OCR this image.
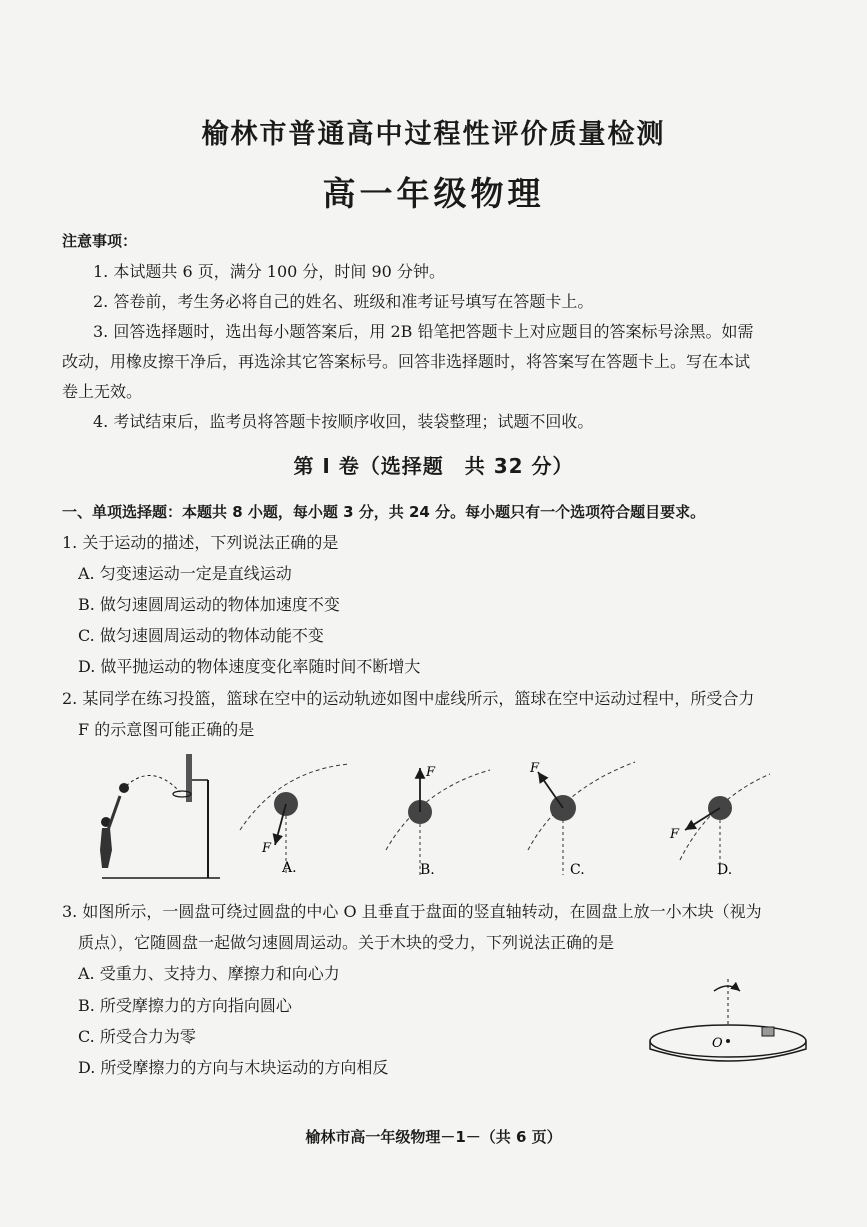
榆林市普通高中过程性评价质量检测
高一年级物理
注意事项：
1. 本试题共 6 页，满分 100 分，时间 90 分钟。
2. 答卷前，考生务必将自己的姓名、班级和准考证号填写在答题卡上。
3. 回答选择题时，选出每小题答案后，用 2B 铅笔把答题卡上对应题目的答案标号涂黑。如需
改动，用橡皮擦干净后，再选涂其它答案标号。回答非选择题时，将答案写在答题卡上。写在本试
卷上无效。
4. 考试结束后，监考员将答题卡按顺序收回，装袋整理；试题不回收。
第 Ⅰ 卷（选择题　共 32 分）
一、单项选择题：本题共 8 小题，每小题 3 分，共 24 分。每小题只有一个选项符合题目要求。
1. 关于运动的描述，下列说法正确的是
A. 匀变速运动一定是直线运动
B. 做匀速圆周运动的物体加速度不变
C. 做匀速圆周运动的物体动能不变
D. 做平抛运动的物体速度变化率随时间不断增大
2. 某同学在练习投篮，篮球在空中的运动轨迹如图中虚线所示，篮球在空中运动过程中，所受合力
F 的示意图可能正确的是
F
A.
F
B.
F
C.
F
D.
3. 如图所示，一圆盘可绕过圆盘的中心 O 且垂直于盘面的竖直轴转动，在圆盘上放一小木块（视为
质点），它随圆盘一起做匀速圆周运动。关于木块的受力，下列说法正确的是
A. 受重力、支持力、摩擦力和向心力
B. 所受摩擦力的方向指向圆心
C. 所受合力为零
D. 所受摩擦力的方向与木块运动的方向相反
O
榆林市高一年级物理－1－（共 6 页）
